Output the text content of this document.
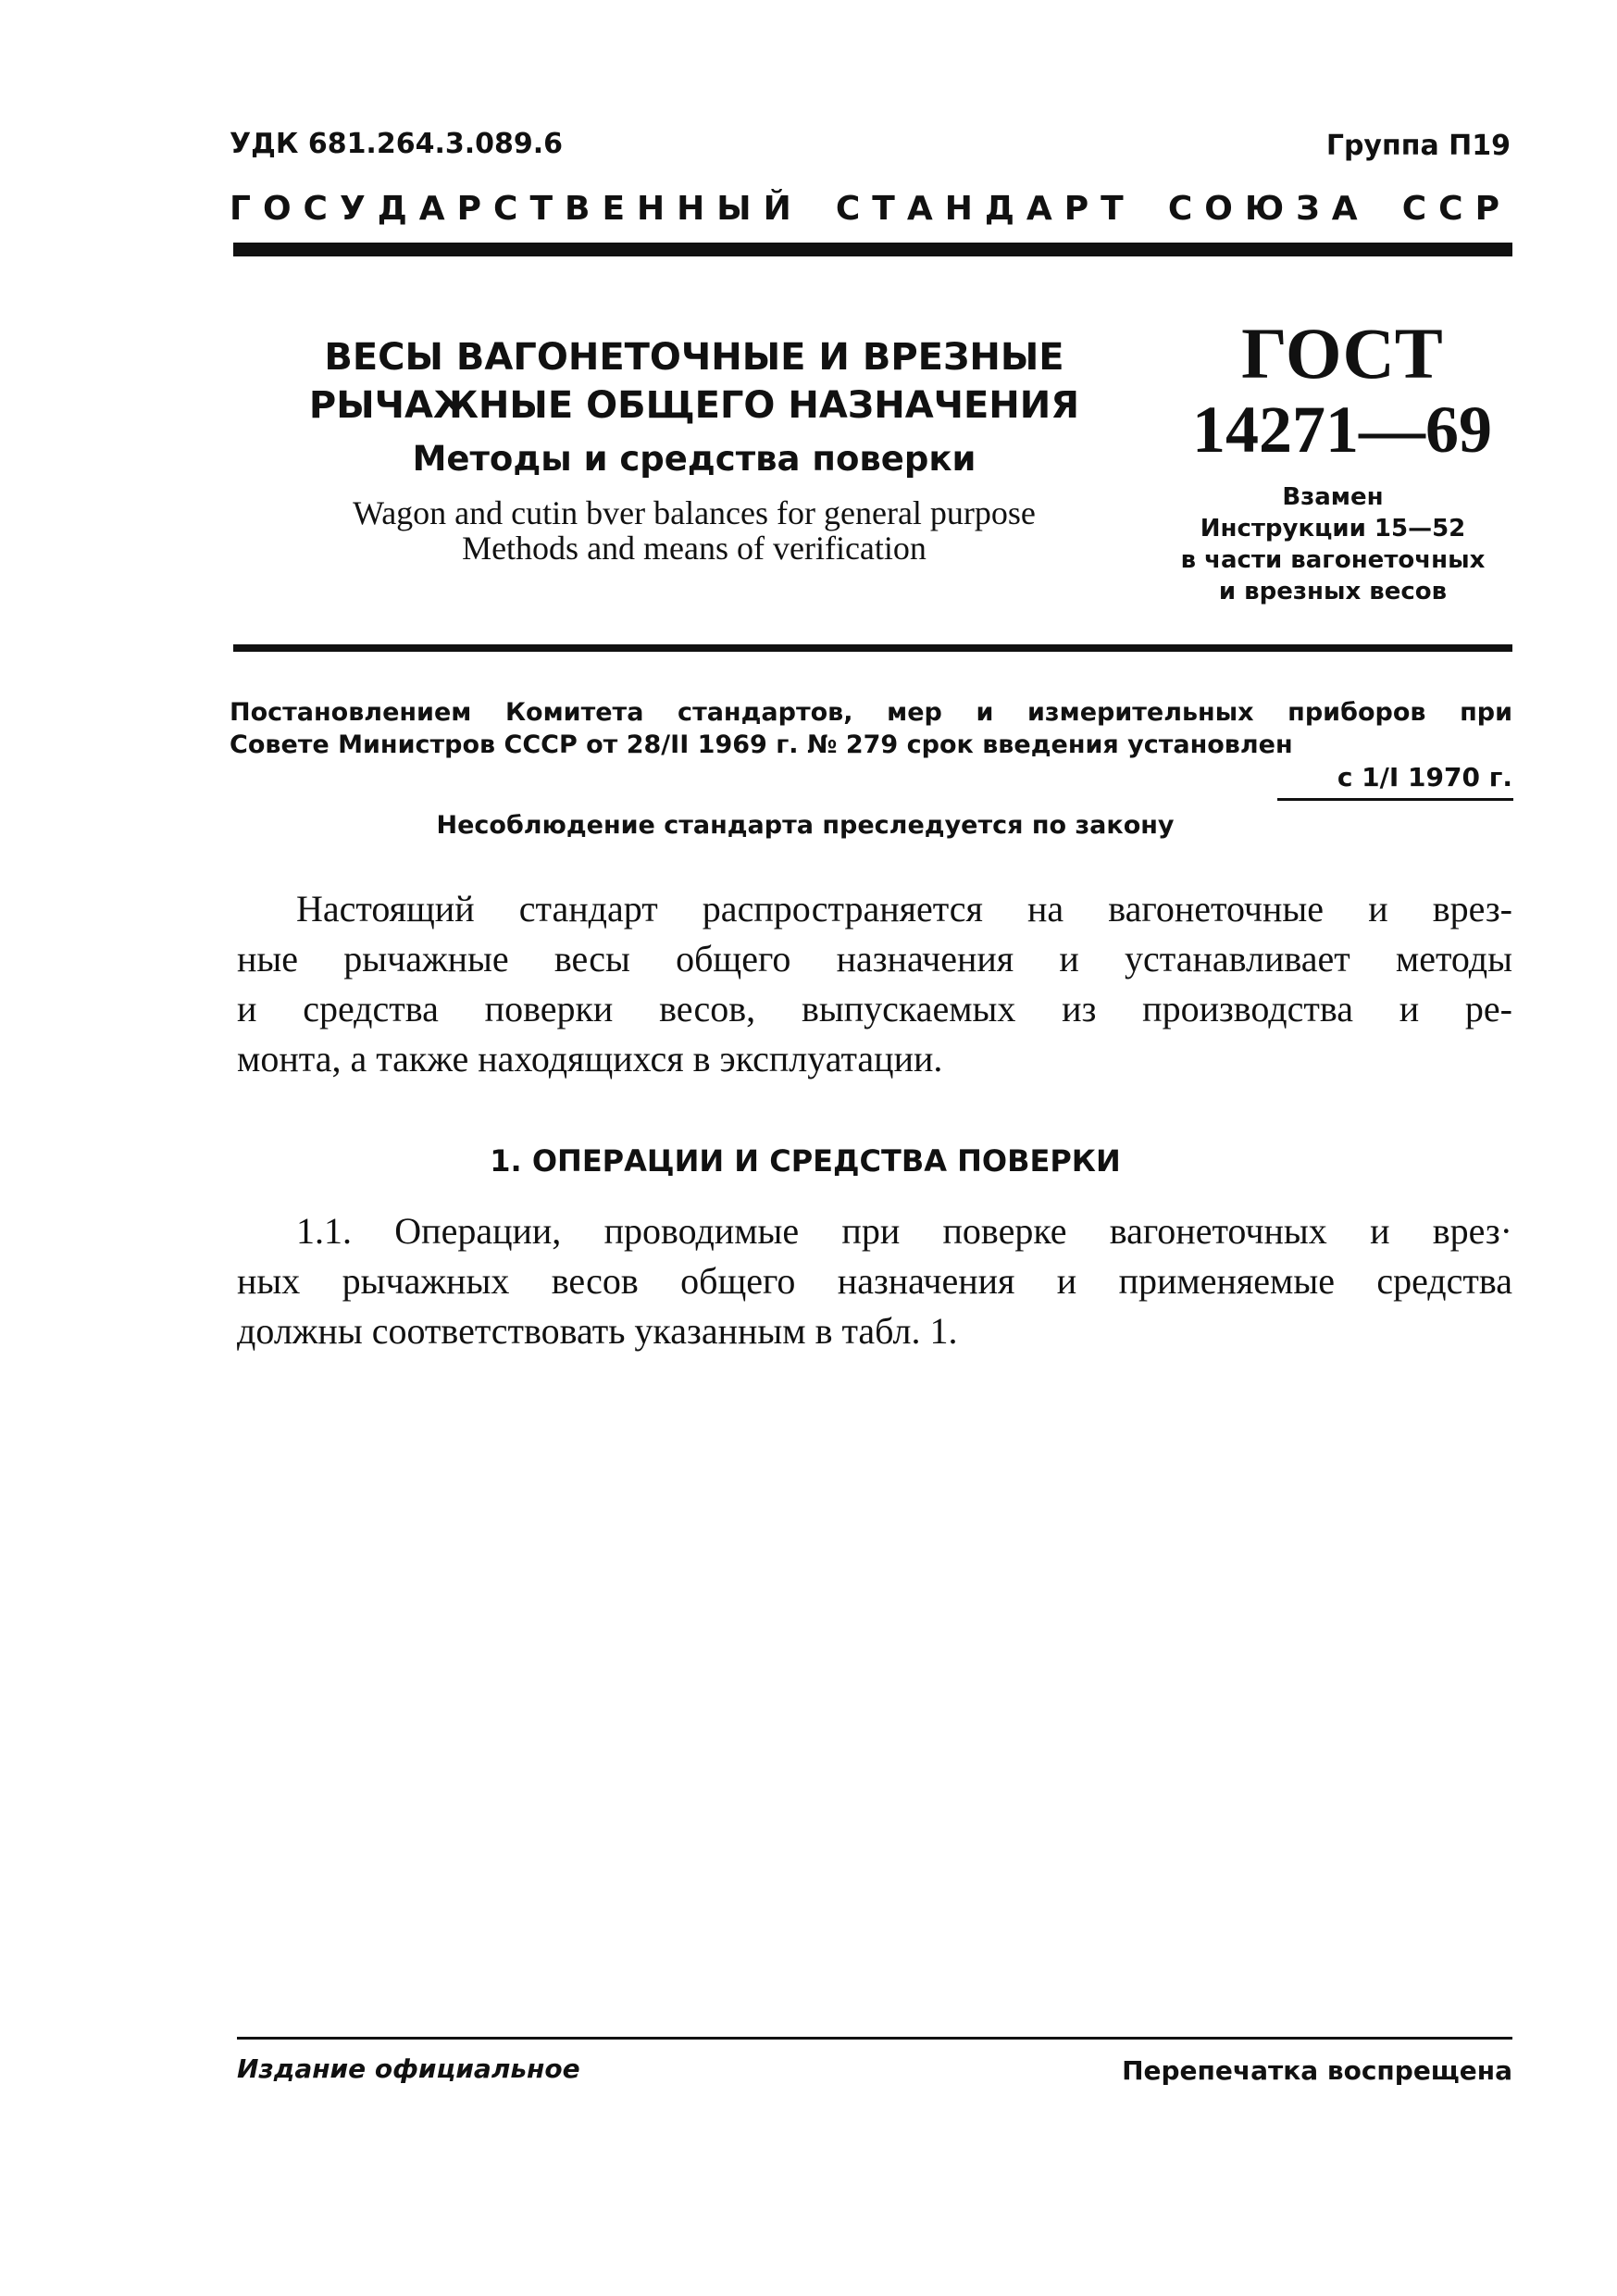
УДК 681.264.3.089.6	Группа П19
ГОСУДАРСТВЕННЫЙ СТАНДАРТ СОЮЗА ССР
ВЕСЫ ВАГОНЕТОЧНЫЕ И ВРЕЗНЫЕ
РЫЧАЖНЫЕ ОБЩЕГО НАЗНАЧЕНИЯ
Методы и средства поверки
Wagon and cutin bver balances for general purpose
Methods and means of verification
ГОСТ
14271—69
Взамен
Инструкции 15—52
в части вагонеточных
и врезных весов
Постановлением Комитета стандартов, мер и измерительных приборов при
Совете Министров СССР от 28/II 1969 г. № 279 срок введения установлен
с 1/I 1970 г.
Несоблюдение стандарта преследуется по закону
Настоящий стандарт распространяется на вагонеточные и врез-
ные рычажные весы общего назначения и устанавливает методы
и средства поверки весов, выпускаемых из производства и ре-
монта, а также находящихся в эксплуатации.
1. ОПЕРАЦИИ И СРЕДСТВА ПОВЕРКИ
1.1. Операции, проводимые при поверке вагонеточных и врез·
ных рычажных весов общего назначения и применяемые средства
должны соответствовать указанным в табл. 1.
Издание официальное	Перепечатка воспрещена
